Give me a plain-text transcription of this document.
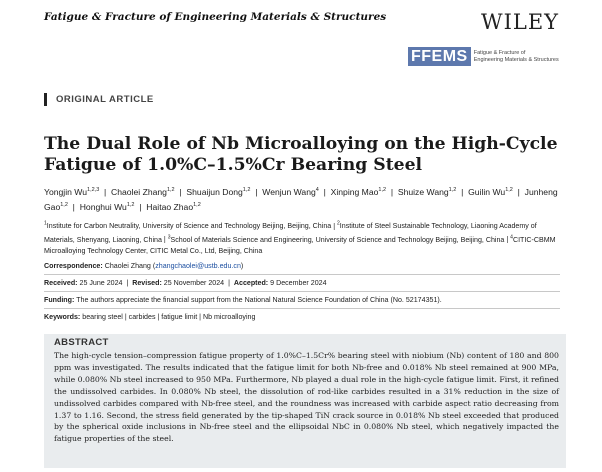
Fatigue & Fracture of Engineering Materials & Structures	WILEY
FFEMS	Fatigue & Fracture of
Engineering Materials & Structures
ORIGINAL ARTICLE
The Dual Role of Nb Microalloying on the High-Cycle Fatigue of 1.0%C–1.5%Cr Bearing Steel
Yongjin Wu$^{1,2,3}$  |  Chaolei Zhang$^{1,2}$  |  Shuaijun Dong$^{1,2}$  |  Wenjun Wang$^4$  |  Xinping Mao$^{1,2}$  |  Shuize Wang$^{1,2}$  |  Guilin Wu$^{1,2}$  |  Junheng Gao$^{1,2}$  |  Honghui Wu$^{1,2}$  |  Haitao Zhao$^{1,2}$
$^1$Institute for Carbon Neutrality, University of Science and Technology Beijing, Beijing, China | $^2$Institute of Steel Sustainable Technology, Liaoning Academy of Materials, Shenyang, Liaoning, China | $^3$School of Materials Science and Engineering, University of Science and Technology Beijing, Beijing, China | $^4$CITIC-CBMM Microalloying Technology Center, CITIC Metal Co., Ltd, Beijing, China
Correspondence: Chaolei Zhang (zhangchaolei@ustb.edu.cn)
Received: 25 June 2024  |  Revised: 25 November 2024  |  Accepted: 9 December 2024
Funding: The authors appreciate the financial support from the National Natural Science Foundation of China (No. 52174351).
Keywords: bearing steel | carbides | fatigue limit | Nb microalloying
ABSTRACT
The high-cycle tension–compression fatigue property of 1.0%C–1.5Cr% bearing steel with niobium (Nb) content of 180 and 800 ppm was investigated. The results indicated that the fatigue limit for both Nb-free and 0.018% Nb steel remained at 900 MPa, while 0.080% Nb steel increased to 950 MPa. Furthermore, Nb played a dual role in the high-cycle fatigue limit. First, it refined the undissolved carbides. In 0.080% Nb steel, the dissolution of rod-like carbides resulted in a 31% reduction in the size of undissolved carbides compared with Nb-free steel, and the roundness was increased with carbide aspect ratio decreasing from 1.37 to 1.16. Second, the stress field generated by the tip-shaped TiN crack source in 0.018% Nb steel exceeded that produced by the spherical oxide inclusions in Nb-free steel and the ellipsoidal NbC in 0.080% Nb steel, which negatively impacted the fatigue properties of the steel.
